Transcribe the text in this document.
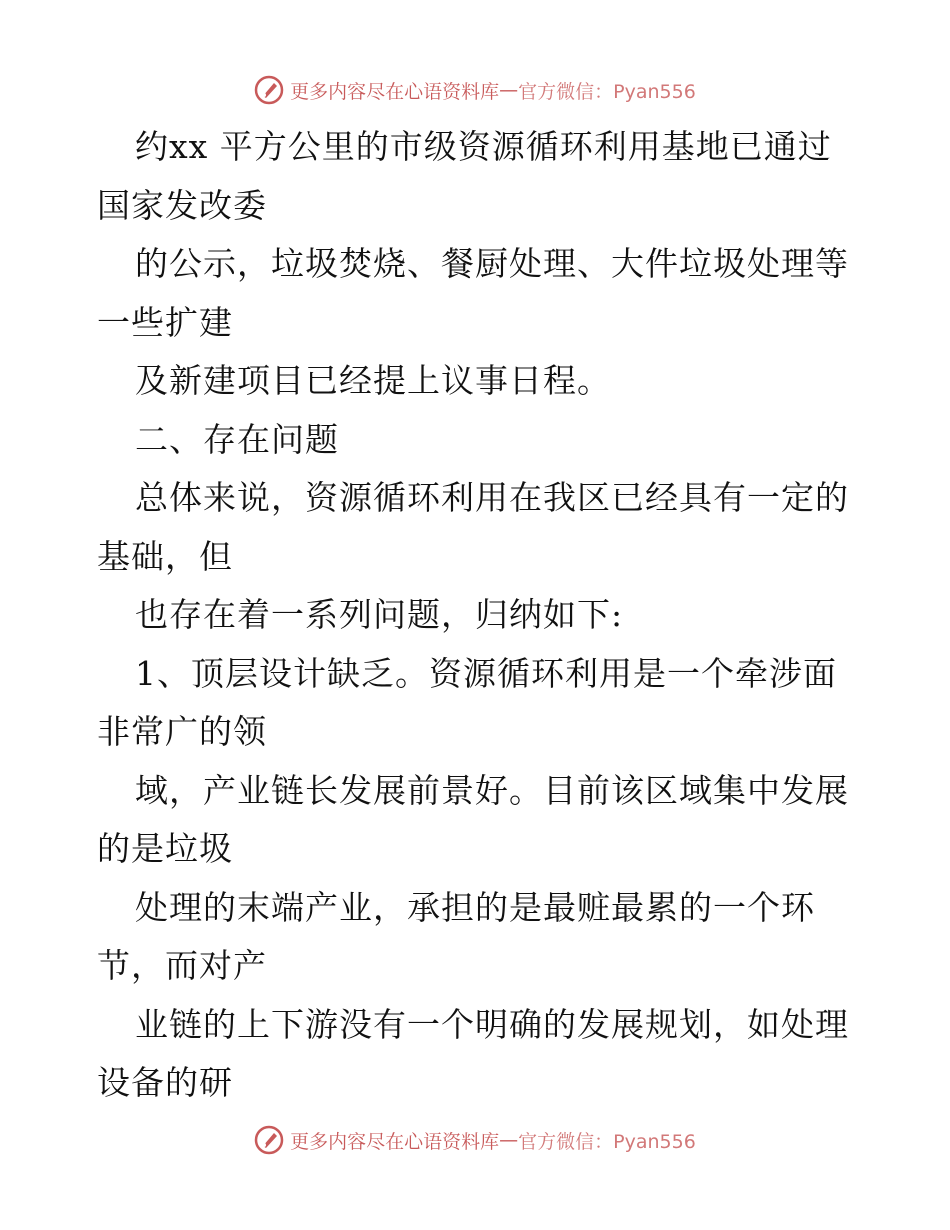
更多内容尽在心语资料库 — 官方微信：Pyan556
约xx 平方公里的市级资源循环利用基地已通过
国家发改委
的公示，垃圾焚烧、餐厨处理、大件垃圾处理等
一些扩建
及新建项目已经提上议事日程。
二、存在问题
总体来说，资源循环利用在我区已经具有一定的
基础，但
也存在着一系列问题，归纳如下:
1、顶层设计缺乏。资源循环利用是一个牵涉面
非常广的领
域，产业链长发展前景好。目前该区域集中发展
的是垃圾
处理的末端产业，承担的是最赃最累的一个环
节，而对产
业链的上下游没有一个明确的发展规划，如处理
设备的研
更多内容尽在心语资料库 — 官方微信：Pyan556
